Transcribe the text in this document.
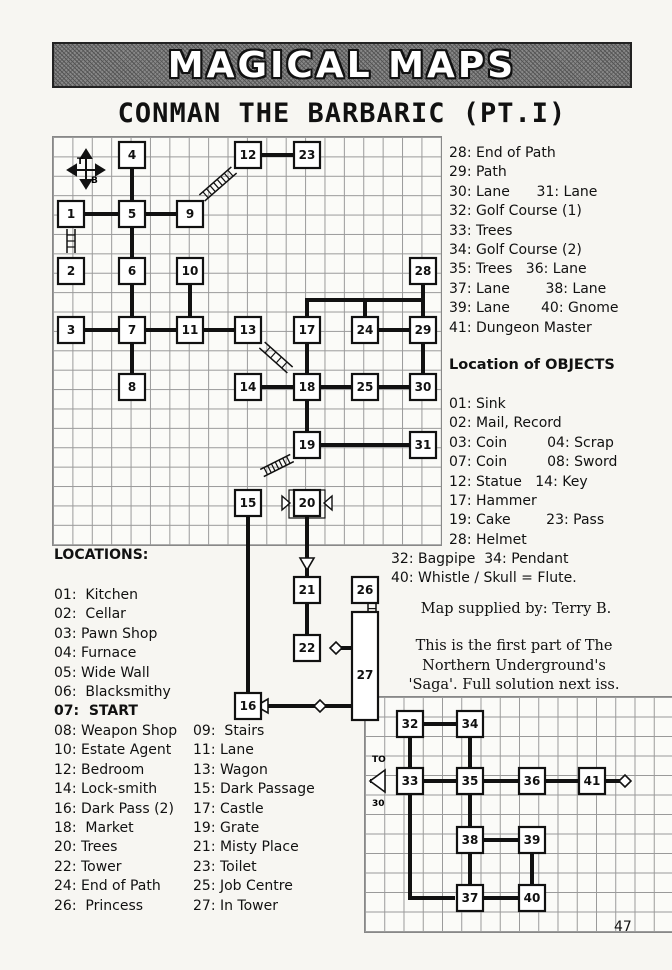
MAGICAL MAPS
CONMAN THE BARBARIC (PT.I)
T
B
TO
30
1
2
3
4
5
6
7
8
9
10
11
12
13
14
15
16
17
18
19
20
21
22
23
24
25
26
27
28
29
30
31
32
33
34
35	36
37
38	39
40
41
28: End of Path
29: Path
30: Lane      31: Lane
32: Golf Course (1)
33: Trees
34: Golf Course (2)
35: Trees   36: Lane
37: Lane        38: Lane
39: Lane       40: Gnome
41: Dungeon Master
Location of OBJECTS
01: Sink
02: Mail, Record
03: Coin         04: Scrap
07: Coin         08: Sword
12: Statue   14: Key
17: Hammer
19: Cake        23: Pass
28: Helmet
32: Bagpipe  34: Pendant
40: Whistle / Skull = Flute.
Map supplied by: Terry B.
This is the first part of The
Northern Underground's
'Saga'. Full solution next iss.
LOCATIONS:
01:  Kitchen
02:  Cellar
03: Pawn Shop
04: Furnace
05: Wide Wall
06:  Blacksmithy
07:  START
08: Weapon Shop
10: Estate Agent
12: Bedroom
14: Lock-smith
16: Dark Pass (2)
18:  Market
20: Trees
22: Tower
24: End of Path
26:  Princess
09:  Stairs
11: Lane
13: Wagon
15: Dark Passage
17: Castle
19: Grate
21: Misty Place
23: Toilet
25: Job Centre
27: In Tower
47
